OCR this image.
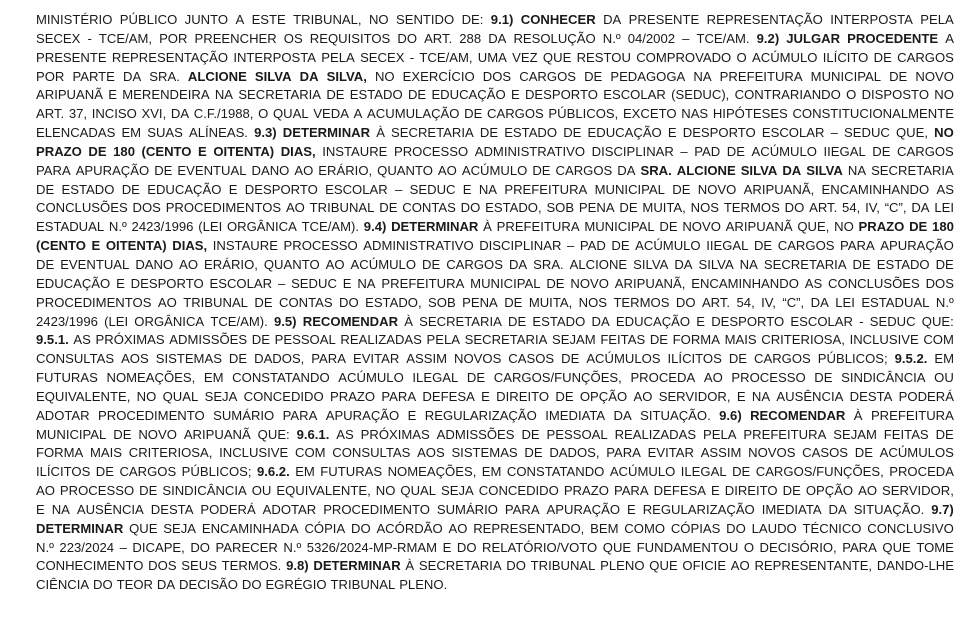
MINISTÉRIO PÚBLICO JUNTO A ESTE TRIBUNAL, NO SENTIDO DE: 9.1) CONHECER DA PRESENTE REPRESENTAÇÃO INTERPOSTA PELA
SECEX - TCE/AM, POR PREENCHER OS REQUISITOS DO ART. 288 DA RESOLUÇÃO N.º 04/2002 – TCE/AM. 9.2) JULGAR PROCEDENTE A
PRESENTE REPRESENTAÇÃO INTERPOSTA PELA SECEX - TCE/AM, UMA VEZ QUE RESTOU COMPROVADO O ACÚMULO ILÍCITO DE CARGOS
POR PARTE DA SRA. ALCIONE SILVA DA SILVA, NO EXERCÍCIO DOS CARGOS DE PEDAGOGA NA PREFEITURA MUNICIPAL DE NOVO
ARIPUANÃ E MERENDEIRA NA SECRETARIA DE ESTADO DE EDUCAÇÃO E DESPORTO ESCOLAR (SEDUC), CONTRARIANDO O DISPOSTO NO
ART. 37, INCISO XVI, DA C.F./1988, O QUAL VEDA A ACUMULAÇÃO DE CARGOS PÚBLICOS, EXCETO NAS HIPÓTESES CONSTITUCIONALMENTE
ELENCADAS EM SUAS ALÍNEAS. 9.3) DETERMINAR À SECRETARIA DE ESTADO DE EDUCAÇÃO E DESPORTO ESCOLAR – SEDUC QUE, NO
PRAZO DE 180 (CENTO E OITENTA) DIAS, INSTAURE PROCESSO ADMINISTRATIVO DISCIPLINAR – PAD DE ACÚMULO IIEGAL DE CARGOS
PARA APURAÇÃO DE EVENTUAL DANO AO ERÁRIO, QUANTO AO ACÚMULO DE CARGOS DA SRA. ALCIONE SILVA DA SILVA NA SECRETARIA
DE ESTADO DE EDUCAÇÃO E DESPORTO ESCOLAR – SEDUC E NA PREFEITURA MUNICIPAL DE NOVO ARIPUANÃ, ENCAMINHANDO AS
CONCLUSÕES DOS PROCEDIMENTOS AO TRIBUNAL DE CONTAS DO ESTADO, SOB PENA DE MUITA, NOS TERMOS DO ART. 54, IV, “C”, DA LEI
ESTADUAL N.º 2423/1996 (LEI ORGÂNICA TCE/AM). 9.4) DETERMINAR À PREFEITURA MUNICIPAL DE NOVO ARIPUANÃ QUE, NO PRAZO DE 180
(CENTO E OITENTA) DIAS, INSTAURE PROCESSO ADMINISTRATIVO DISCIPLINAR – PAD DE ACÚMULO IIEGAL DE CARGOS PARA APURAÇÃO
DE EVENTUAL DANO AO ERÁRIO, QUANTO AO ACÚMULO DE CARGOS DA SRA. ALCIONE SILVA DA SILVA NA SECRETARIA DE ESTADO DE
EDUCAÇÃO E DESPORTO ESCOLAR – SEDUC E NA PREFEITURA MUNICIPAL DE NOVO ARIPUANÃ, ENCAMINHANDO AS CONCLUSÕES DOS
PROCEDIMENTOS AO TRIBUNAL DE CONTAS DO ESTADO, SOB PENA DE MUITA, NOS TERMOS DO ART. 54, IV, “C”, DA LEI ESTADUAL N.º
2423/1996 (LEI ORGÂNICA TCE/AM). 9.5) RECOMENDAR À SECRETARIA DE ESTADO DA EDUCAÇÃO E DESPORTO ESCOLAR - SEDUC QUE:
9.5.1. AS PRÓXIMAS ADMISSÕES DE PESSOAL REALIZADAS PELA SECRETARIA SEJAM FEITAS DE FORMA MAIS CRITERIOSA, INCLUSIVE COM
CONSULTAS AOS SISTEMAS DE DADOS, PARA EVITAR ASSIM NOVOS CASOS DE ACÚMULOS ILÍCITOS DE CARGOS PÚBLICOS; 9.5.2. EM
FUTURAS NOMEAÇÕES, EM CONSTATANDO ACÚMULO ILEGAL DE CARGOS/FUNÇÕES, PROCEDA AO PROCESSO DE SINDICÂNCIA OU
EQUIVALENTE, NO QUAL SEJA CONCEDIDO PRAZO PARA DEFESA E DIREITO DE OPÇÃO AO SERVIDOR, E NA AUSÊNCIA DESTA PODERÁ
ADOTAR PROCEDIMENTO SUMÁRIO PARA APURAÇÃO E REGULARIZAÇÃO IMEDIATA DA SITUAÇÃO. 9.6) RECOMENDAR À PREFEITURA
MUNICIPAL DE NOVO ARIPUANÃ QUE: 9.6.1. AS PRÓXIMAS ADMISSÕES DE PESSOAL REALIZADAS PELA PREFEITURA SEJAM FEITAS DE
FORMA MAIS CRITERIOSA, INCLUSIVE COM CONSULTAS AOS SISTEMAS DE DADOS, PARA EVITAR ASSIM NOVOS CASOS DE ACÚMULOS
ILÍCITOS DE CARGOS PÚBLICOS; 9.6.2. EM FUTURAS NOMEAÇÕES, EM CONSTATANDO ACÚMULO ILEGAL DE CARGOS/FUNÇÕES, PROCEDA
AO PROCESSO DE SINDICÂNCIA OU EQUIVALENTE, NO QUAL SEJA CONCEDIDO PRAZO PARA DEFESA E DIREITO DE OPÇÃO AO SERVIDOR,
E NA AUSÊNCIA DESTA PODERÁ ADOTAR PROCEDIMENTO SUMÁRIO PARA APURAÇÃO E REGULARIZAÇÃO IMEDIATA DA SITUAÇÃO. 9.7)
DETERMINAR QUE SEJA ENCAMINHADA CÓPIA DO ACÓRDÃO AO REPRESENTADO, BEM COMO CÓPIAS DO LAUDO TÉCNICO CONCLUSIVO
N.º 223/2024 – DICAPE, DO PARECER N.º 5326/2024-MP-RMAM E DO RELATÓRIO/VOTO QUE FUNDAMENTOU O DECISÓRIO, PARA QUE TOME
CONHECIMENTO DOS SEUS TERMOS. 9.8) DETERMINAR À SECRETARIA DO TRIBUNAL PLENO QUE OFICIE AO REPRESENTANTE, DANDO-LHE
CIÊNCIA DO TEOR DA DECISÃO DO EGRÉGIO TRIBUNAL PLENO.
